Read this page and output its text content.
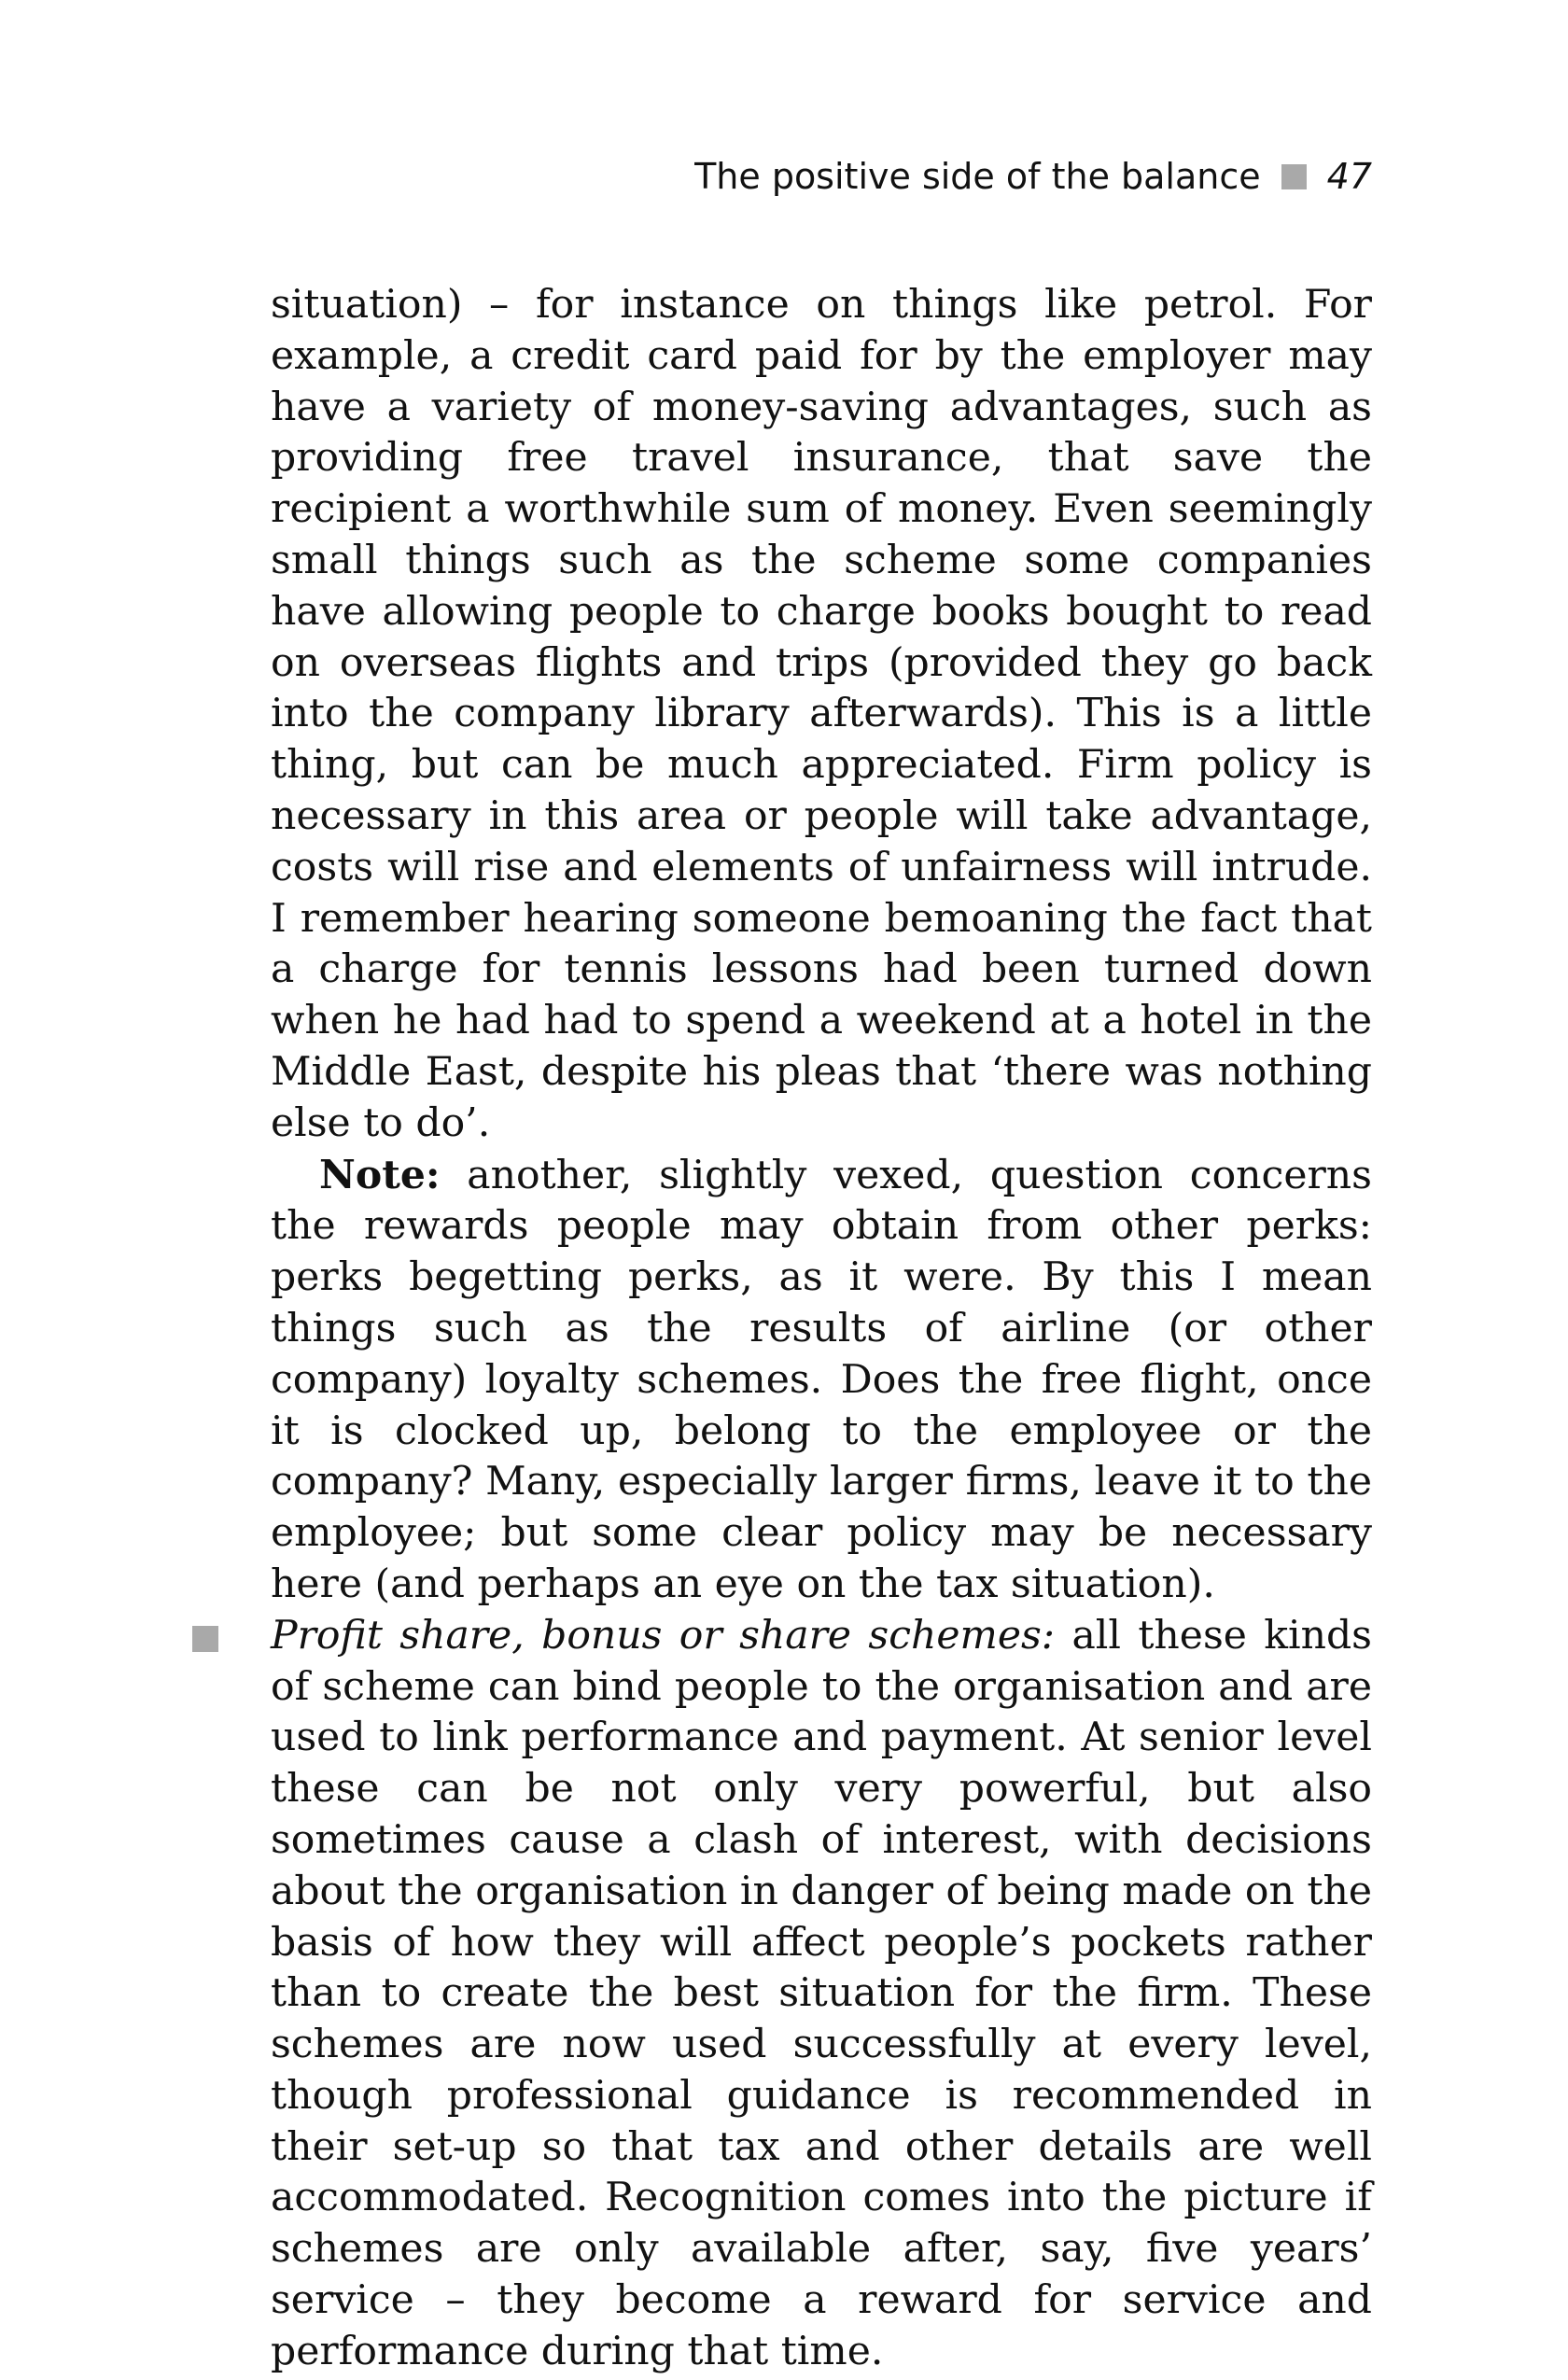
The positive side of the balance 47

situation) – for instance on things like petrol. For example, a credit card paid for by the employer may have a variety of money-saving advantages, such as providing free travel insurance, that save the recipient a worthwhile sum of money. Even seemingly small things such as the scheme some companies have allowing people to charge books bought to read on overseas flights and trips (provided they go back into the company library afterwards). This is a little thing, but can be much appreciated. Firm policy is necessary in this area or people will take advantage, costs will rise and elements of unfairness will intrude. I remember hearing someone bemoaning the fact that a charge for tennis lessons had been turned down when he had had to spend a weekend at a hotel in the Middle East, despite his pleas that ‘there was nothing else to do’.

Note: another, slightly vexed, question concerns the rewards people may obtain from other perks: perks begetting perks, as it were. By this I mean things such as the results of airline (or other company) loyalty schemes. Does the free flight, once it is clocked up, belong to the employee or the company? Many, especially larger firms, leave it to the employee; but some clear policy may be necessary here (and perhaps an eye on the tax situation).

Profit share, bonus or share schemes: all these kinds of scheme can bind people to the organisation and are used to link performance and payment. At senior level these can be not only very powerful, but also sometimes cause a clash of interest, with decisions about the organisation in danger of being made on the basis of how they will affect people’s pockets rather than to create the best situation for the firm. These schemes are now used successfully at every level, though professional guidance is recommended in their set-up so that tax and other details are well accommodated. Recognition comes into the picture if schemes are only available after, say, five years’ service – they become a reward for service and performance during that time.
